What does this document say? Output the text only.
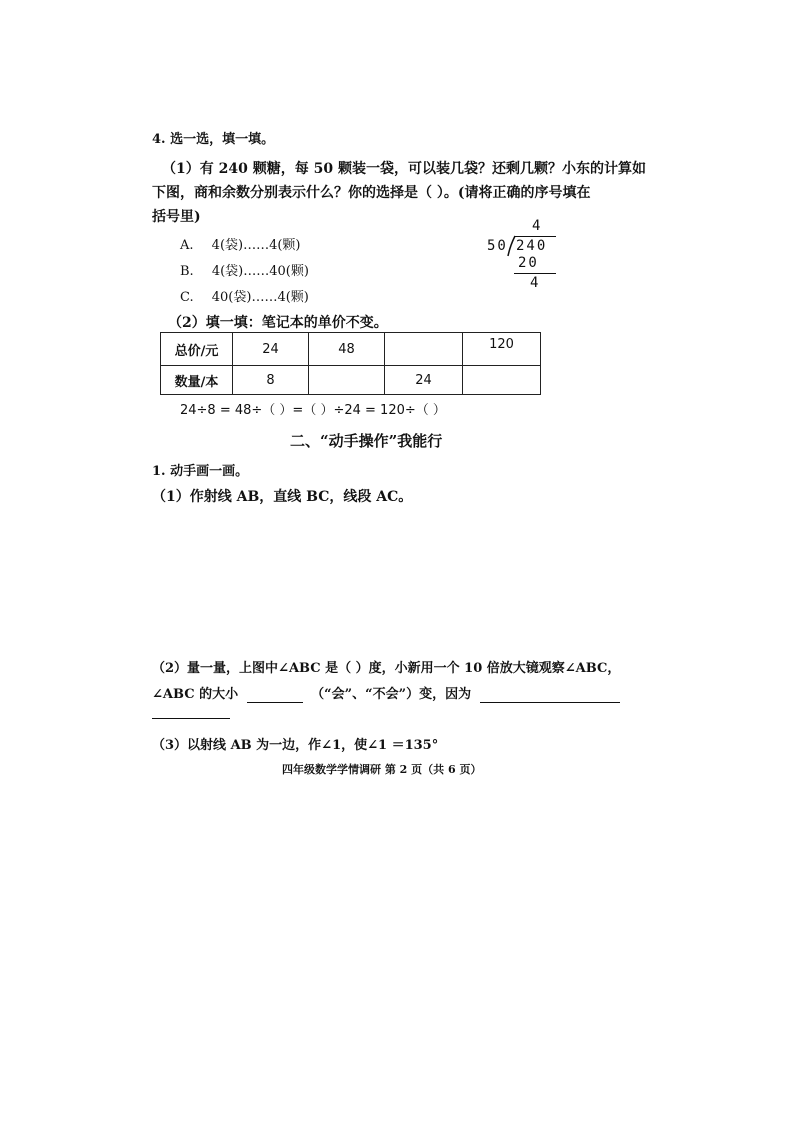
4. 选一选，填一填。
（1）有 240 颗糖，每 50 颗装一袋，可以装几袋？还剩几颗？小东的计算如
下图，商和余数分别表示什么？你的选择是（ ）。(请将正确的序号填在
括号里)
A. 4(袋)……4(颗)
B. 4(袋)……40(颗)
C. 40(袋)……4(颗)
4
50 240
20
4
（2）填一填：笔记本的单价不变。
总价/元	24	48		120
数量/本	8		24	
24÷8 = 48÷（ ）=（ ）÷24 = 120÷（ ）
二、“动手操作”我能行
1. 动手画一画。
（1）作射线 AB，直线 BC，线段 AC。
（2）量一量，上图中∠ABC 是（ ）度，小新用一个 10 倍放大镜观察∠ABC，
∠ABC 的大小	（“会”、“不会”）变，因为
（3）以射线 AB 为一边，作∠1，使∠1 ＝135°
四年级数学学情调研 第 2 页（共 6 页）
